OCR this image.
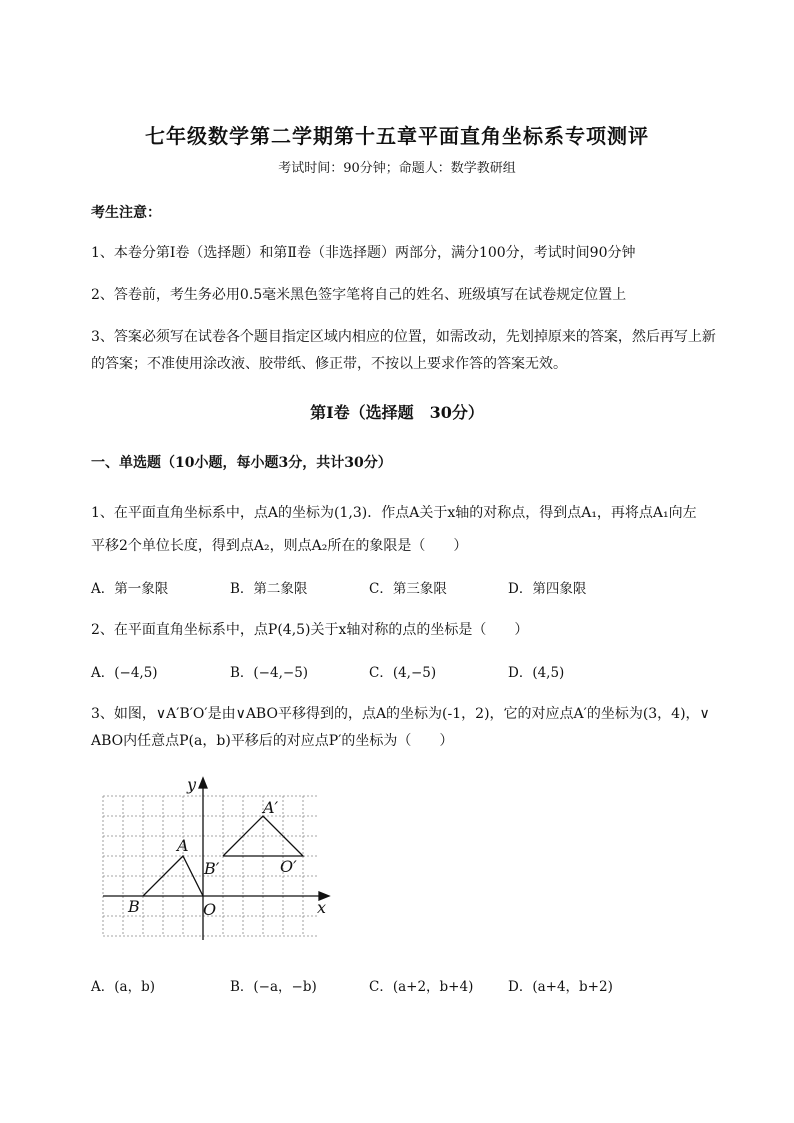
七年级数学第二学期第十五章平面直角坐标系专项测评
考试时间：90分钟；命题人：数学教研组
考生注意：
1、本卷分第Ⅰ卷（选择题）和第Ⅱ卷（非选择题）两部分，满分100分，考试时间90分钟
2、答卷前，考生务必用0.5毫米黑色签字笔将自己的姓名、班级填写在试卷规定位置上
3、答案必须写在试卷各个题目指定区域内相应的位置，如需改动，先划掉原来的答案，然后再写上新
的答案；不准使用涂改液、胶带纸、修正带，不按以上要求作答的答案无效。
第Ⅰ卷（选择题　30分）
一、单选题（10小题，每小题3分，共计30分）
1、在平面直角坐标系中，点A的坐标为(1,3)．作点A关于x轴的对称点，得到点A₁，再将点A₁向左
平移2个单位长度，得到点A₂，则点A₂所在的象限是（　　）
A．第一象限	B．第二象限	C．第三象限	D．第四象限
2、在平面直角坐标系中，点P(4,5)关于x轴对称的点的坐标是（　　）
A．(−4,5)	B．(−4,−5)	C．(4,−5)	D．(4,5)
3、如图，∨A′B′O′是由∨ABO平移得到的，点A的坐标为(-1，2)，它的对应点A′的坐标为(3，4)，∨
ABO内任意点P(a，b)平移后的对应点P′的坐标为（　　）
y
x
O
A
B
A′
B′	O′
A．(a，b)	B．(−a，−b)	C．(a+2，b+4)	D．(a+4，b+2)
